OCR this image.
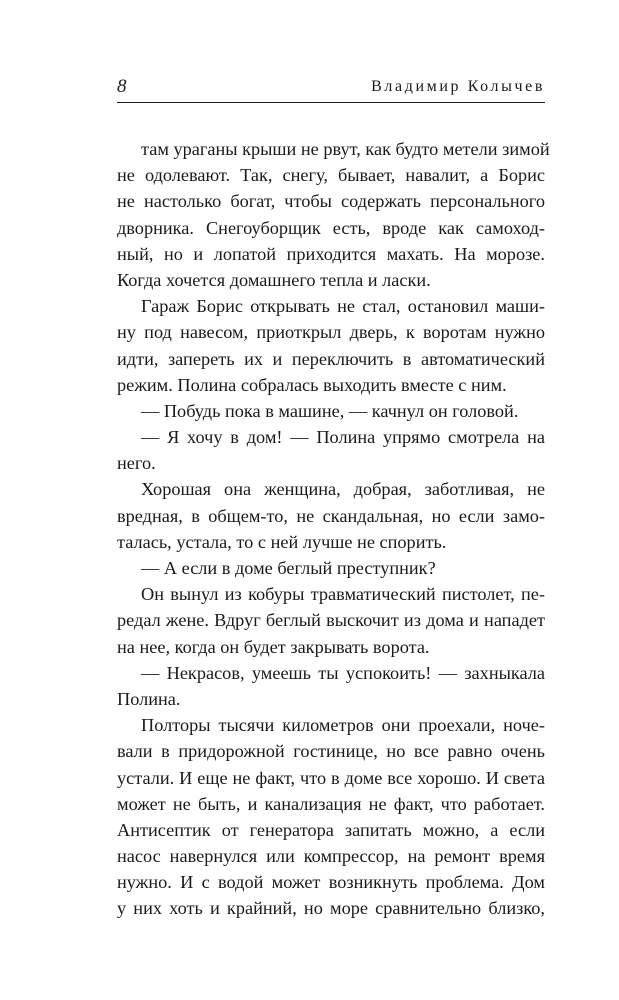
8	Владимир Колычев
там ураганы крыши не рвут, как будто метели зимой
не одолевают. Так, снегу, бывает, навалит, а Борис
не настолько богат, чтобы содержать персонального
дворника. Снегоуборщик есть, вроде как самоход-
ный, но и лопатой приходится махать. На морозе.
Когда хочется домашнего тепла и ласки.
Гараж Борис открывать не стал, остановил маши-
ну под навесом, приоткрыл дверь, к воротам нужно
идти, запереть их и переключить в автоматический
режим. Полина собралась выходить вместе с ним.
— Побудь пока в машине, — качнул он головой.
— Я хочу в дом! — Полина упрямо смотрела на
него.
Хорошая она женщина, добрая, заботливая, не
вредная, в общем-то, не скандальная, но если замо-
талась, устала, то с ней лучше не спорить.
— А если в доме беглый преступник?
Он вынул из кобуры травматический пистолет, пе-
редал жене. Вдруг беглый выскочит из дома и нападет
на нее, когда он будет закрывать ворота.
— Некрасов, умеешь ты успокоить! — захныкала
Полина.
Полторы тысячи километров они проехали, ноче-
вали в придорожной гостинице, но все равно очень
устали. И еще не факт, что в доме все хорошо. И света
может не быть, и канализация не факт, что работает.
Антисептик от генератора запитать можно, а если
насос навернулся или компрессор, на ремонт время
нужно. И с водой может возникнуть проблема. Дом
у них хоть и крайний, но море сравнительно близко,
